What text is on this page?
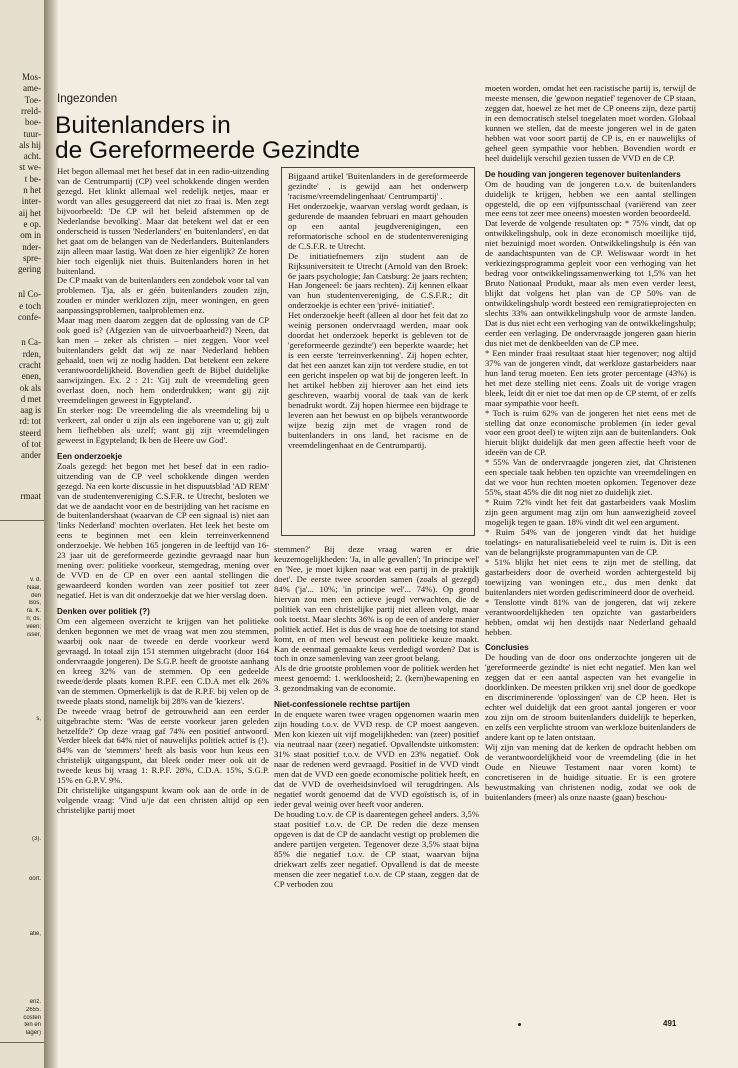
Mos-
ame-
Toe-
rreld-
boe-
tuur-
als hij
acht.
st we-
t be-
n het
inter-
aij het
e op.
om in
nder-
spre-
gering
nl Co-
e toch
confe-
n Ca-
rden,
cracht
enen,
ok als
d met
aag is
rd: tot
steerd
of tot
ander
rmaat
v. d.
Naal,
den
Bos,
ra. K.
n; ds.
veen;
isser,
s,
(3).
oort.
atie,
enz.
2655.
costen
ten en
lager)
Ingezonden
Buitenlanders in
de Gereformeerde Gezindte

Het begon allemaal met het besef dat in een radio-uitzending van de Centrumpartij (CP) veel schokkende dingen werden gezegd. Het klinkt allemaal wel redelijk netjes, maar er wordt van alles gesuggereerd dat niet zo fraai is. Men zegt bijvoorbeeld: 'De CP wil het beleid afstemmen op de Nederlandse bevolking'. Maar dat betekent wel dat er een onderscheid is tussen 'Nederlanders' en 'buitenlanders', en dat het gaat om de belangen van de Nederlanders. Buitenlanders zijn alleen maar lastig. Wat doen ze hier eigenlijk? Ze horen hier toch eigenlijk niet thuis. Buitenlanders horen in het buitenland.

De CP maakt van de buitenlanders een zondebok voor tal van problemen. Tja, als er géén buitenlanders zouden zijn, zouden er minder werklozen zijn, meer woningen, en geen aanpassingsproblemen, taalproblemen enz.

Maar mag men daarom zeggen dat de oplossing van de CP ook goed is? (Afgezien van de uitvoerbaarheid?) Neen, dat kan men – zeker als christen – niet zeggen. Voor veel buitenlanders geldt dat wij ze naar Nederland hebben gehaald, toen wij ze nodig hadden. Dat betekent een zekere verantwoordelijkheid. Bovendien geeft de Bijbel duidelijke aanwijzingen. Ex. 2 : 21: 'Gij zult de vreemdeling geen overlast doen, noch hem onderdrukken; want gij zijt vreemdelingen geweest in Egypteland'.

En sterker nog: De vreemdeling die als vreemdeling bij u verkeert, zal onder u zijn als een ingeborene van u; gij zult hem liefhebben als uzelf; want gij zijt vreemdelingen geweest in Egypteland; Ik ben de Heere uw God'.

Een onderzoekje

Zoals gezegd: het begon met het besef dat in een radio-uitzending van de CP veel schokkende dingen werden gezegd. Na een korte discussie in het dispuutsblad 'AD REM' van de studentenvereniging C.S.F.R. te Utrecht, besloten we dat we de aandacht voor en de bestrijding van het racisme en de buitenlandershaat (waarvan de CP een signaal is) niet aan 'links Nederland' mochten overlaten. Het leek het beste om eens te beginnen met een klein terreinverkennend onderzoekje. We hebben 165 jongeren in de leeftijd van 16-23 jaar uit de gereformeerde gezindte gevraagd naar hun mening over: politieke voorkeur, stemgedrag, mening over de VVD en de CP en over een aantal stellingen die gewaardeerd konden worden van zeer positief tot zeer negatief. Het is van dit onderzoekje dat we hier verslag doen.

Denken over politiek (?)

Om een algemeen overzicht te krijgen van het politieke denken begonnen we met de vraag wat men zou stemmen, waarbij ook naar de tweede en derde voorkeur werd gevraagd. In totaal zijn 151 stemmen uitgebracht (door 164 ondervraagde jongeren). De S.G.P. heeft de grootste aanhang en kreeg 32% van de stemmen. Op een gedeelde tweede/derde plaats komen R.P.F. een C.D.A met elk 26% van de stemmen. Opmerkelijk is dat de R.P.F. bij velen op de tweede plaats stond, namelijk bij 28% van de 'kiezers'.

De tweede vraag betrof de getrouwheid aan een eerder uitgebrachte stem: 'Was de eerste voorkeur jaren geleden hetzelfde?' Op deze vraag gaf 74% een positief antwoord. Verder bleek dat 64% niet of nauwelijks politiek actief is (!). 84% van de 'stemmers' heeft als basis voor hun keus een christelijk uitgangspunt, dat bleek onder meer ook uit de tweede keus bij vraag 1: R.P.F. 28%, C.D.A. 15%, S.G.P. 15% en G.P.V. 9%.

Dit christelijke uitgangspunt kwam ook aan de orde in de volgende vraag: 'Vind u/je dat een christen altijd op een christelijke partij moet

Bijgaand artikel 'Buitenlanders in de gereformeerde gezindte' , is gewijd aan het onderwerp 'racisme/vreemdelingenhaat/ Centrumpartij' .

Het onderzoekje, waarvan verslag wordt gedaan, is gedurende de maanden februari en maart gehouden op een aantal jeugdverenigingen, een reformatorische school en de studentenvereniging de C.S.F.R. te Utrecht.

De initiatiefnemers zijn student aan de Rijksuniversiteit te Utrecht (Arnold van den Broek: 6e jaars psychologie; Jan Catsburg: 2e jaars rechten; Han Jongeneel: 6e jaars rechten). Zij kennen elkaar van hun studentenvereniging, de C.S.F.R.; dit onderzoekje is echter een 'privé- initiatief'.

Het onderzoekje heeft (alleen al door het feit dat zo weinig personen ondervraagd werden, maar ook doordat het onderzoek beperkt is gebleven tot de 'gereformeerde gezindte') een beperkte waarde; het is een eerste 'terreinverkenning'. Zij hopen echter, dat het een aanzet kan zijn tot verdere studie, en tot een gericht inspelen op wat bij de jongeren leeft. In het artikel hebben zij hierover aan het eind iets geschreven, waarbij vooral de taak van de kerk benadrukt wordt. Zij hopen hiermee een bijdrage te leveren aan het bewust en op bijbels verantwoorde wijze bezig zijn met de vragen rond de buitenlanders in ons land, het racisme en de vreemdelingenhaat en de Centrumpartij.

stemmen?' Bij deze vraag waren er drie keuzemogelijkheden: 'Ja, in alle gevallen'; 'In principe wel' en 'Nee, je moet kijken naar wat een partij in de praktijk doet'. De eerste twee scoorden samen (zoals al gezegd) 84% ('ja'... 10%; 'in principe wel'... 74%). Op grond hiervan zou men een actieve jeugd verwachten, die de politiek van een christelijke partij niet alleen volgt, maar ook toetst. Maar slechts 36% is op de een of andere manier politiek actief. Het is dus de vraag hoe de toetsing tot stand komt, en of men wel bewust een politieke keuze maakt. Kan de eenmaal gemaakte keus verdedigd worden? Dat is toch in onze samenleving van zeer groot belang.

Als de drie grootste problemen voor de politiek werden het meest genoemd: 1. werkloosheid; 2. (kern)bewapening en 3. gezondmaking van de economie.

Niet-confessionele rechtse partijen

In de enquete waren twee vragen opgenomen waarin men zijn houding t.o.v. de VVD resp. de CP moest aangeven. Men kon kiezen uit vijf mogelijkheden: van (zeer) positief via neutraal naar (zeer) negatief. Opvallendste uitkomsten: 31% staat positief t.o.v. de VVD en 23% negatief. Ook naar de redenen werd gevraagd. Positief in de VVD vindt men dat de VVD een goede economische politiek heeft, en dat de VVD de overheidsinvloed wil terugdringen. Als negatief wordt genoemd dat de VVD egoïstisch is, of in ieder geval weinig over heeft voor anderen.

De houding t.o.v. de CP is daarentegen geheel anders. 3,5% staat positief t.o.v. de CP. De reden die deze mensen opgeven is dat de CP de aandacht vestigt op problemen die andere partijen vergeten. Tegenover deze 3,5% staat bijna 85% die negatief t.o.v. de CP staat, waarvan bijna driekwart zelfs zeer negatief. Opvallend is dat de meeste mensen die zeer negatief t.o.v. de CP staan, zeggen dat de CP verboden zou

moeten worden, omdat het een racistische partij is, terwijl de meeste mensen, die 'gewoon negatief' tegenover de CP staan, zeggen dat, hoewel ze het met de CP oneens zijn, deze partij in een democratisch stelsel toegelaten moet worden. Globaal kunnen we stellen, dat de meeste jongeren wel in de gaten hebben wat voor soort partij de CP is, en er nauwelijks of geheel geen sympathie voor hebben. Bovendien wordt er heel duidelijk verschil gezien tussen de VVD en de CP.

De houding van jongeren tegenover buitenlanders

Om de houding van de jongeren t.o.v. de buitenlanders duidelijk te krijgen, hebben we een aantal stellingen opgesteld, die op een vijfpuntsschaal (variërend van zeer mee eens tot zeer mee oneens) moesten worden beoordeeld.

Dat leverde de volgende resultaten op: * 75% vindt, dat op ontwikkelingshulp, ook in deze economisch moeilijke tijd, niet bezuinigd moet worden. Ontwikkelingshulp is één van de aandachtspunten van de CP. Weliswaar wordt in het verkiezingsprogramma gepleit voor een verhoging van het bedrag voor ontwikkelingssamenwerking tot 1,5% van het Bruto Nationaal Produkt, maar als men even verder leest, blijkt dat volgens het plan van de CP 50% van de ontwikkelingshulp wordt besteed een remigratieprojecten en slechts 33% aan ontwikkelingshulp voor de armste landen. Dat is dus niet echt een verhoging van de ontwikkelingshulp; eerder een verlaging. De ondervraagde jongeren gaan hierin dus niet met de denkbeelden van de CP mee.

* Een minder fraai resultaat staat hier tegenover; nog altijd 37% van de jongeren vindt, dat werkloze gastarbeiders naar hun land terug moeten. Een iets groter percentage (43%) is het met deze stelling niet eens. Zoals uit de vorige vragen bleek, leidt dit er niet toe dat men op de CP stemt, of er zelfs maar sympathie voor heeft.

* Toch is ruim 62% van de jongeren het niet eens met de stelling dat onze economische problemen (in ieder geval voor een groot deel) te wijten zijn aan de buitenlanders. Ook hieruit blijkt duidelijk dat men geen affectie heeft voor de ideeën van de CP.

* 55% Van de ondervraagde jongeren ziet, dat Christenen een speciale taak hebben ten opzichte van vreemdelingen en dat we voor hun rechten moeten opkomen. Tegenover deze 55%, staat 45% die dit nog niet zo duidelijk ziet.

* Ruim 72% vindt het feit dat gastarbeiders vaak Moslim zijn geen argument mag zijn om hun aanwezigheid zoveel mogelijk tegen te gaan. 18% vindt dit wel een argument.

* Ruim 54% van de jongeren vindt dat het huidige toelatings- en naturalisatiebeleid veel te ruim is. Dit is een van de belangrijkste programmapunten van de CP.

* 51% blijkt het niet eens te zijn met de stelling, dat gastarbeiders door de overheid worden achtergesteld bij toewijzing van woningen etc., dus men denkt dat buitenlanders niet worden gediscrimineerd door de overheid.

* Tenslotte vindt 81% van de jongeren, dat wij zekere verantwoordelijkheden ten opzichte van gastarbeiders hebben, omdat wij hen destijds naar Nederland gehaald hebben.

Conclusies

De houding van de door ons onderzochte jongeren uit de 'gereformeerde gezindte' is niet echt negatief. Men kan wel zeggen dat er een aantal aspecten van het evangelie in doorklinken. De meesten prikken vrij snel door de goedkope en discriminerende 'oplossingen' van de CP heen. Het is echter wel duidelijk dat een groot aantal jongeren er voor zou zijn om de stroom buitenlanders duidelijk te beperken, en zelfs een verplichte stroom van werkloze buitenlanders de andere kant op te laten ontstaan.

Wij zijn van mening dat de kerken de opdracht hebben om de verantwoordelijkheid voor de vreemdeling (die in het Oude en Nieuwe Testament naar voren komt) te concretiseren in de huidige situatie. Er is een grotere bewustmaking van christenen nodig, zodat we ook de buitenlanders (meer) als onze naaste (gaan) beschou-

491
